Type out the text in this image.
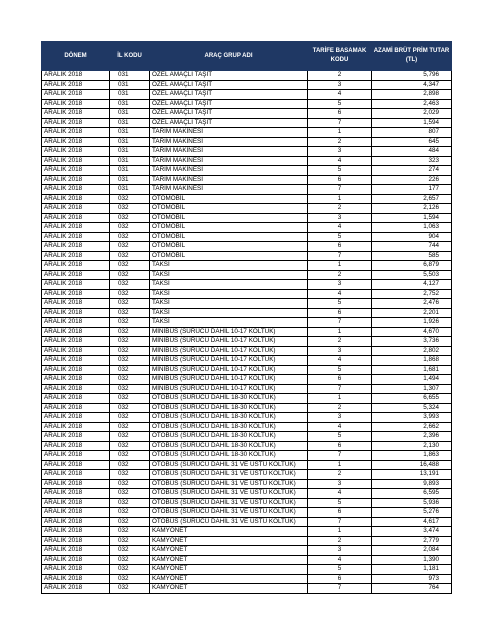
DÖNEM	İL KODU	ARAÇ GRUP ADI	TARİFE BASAMAK KODU	AZAMİ BRÜT PRİM TUTAR (TL)
ARALIK 2018	031	ÖZEL AMAÇLI TAŞIT	2	5,796
ARALIK 2018	031	ÖZEL AMAÇLI TAŞIT	3	4,347
ARALIK 2018	031	ÖZEL AMAÇLI TAŞIT	4	2,898
ARALIK 2018	031	ÖZEL AMAÇLI TAŞIT	5	2,463
ARALIK 2018	031	ÖZEL AMAÇLI TAŞIT	6	2,029
ARALIK 2018	031	ÖZEL AMAÇLI TAŞIT	7	1,594
ARALIK 2018	031	TARIM MAKİNESİ	1	807
ARALIK 2018	031	TARIM MAKİNESİ	2	645
ARALIK 2018	031	TARIM MAKİNESİ	3	484
ARALIK 2018	031	TARIM MAKİNESİ	4	323
ARALIK 2018	031	TARIM MAKİNESİ	5	274
ARALIK 2018	031	TARIM MAKİNESİ	6	226
ARALIK 2018	031	TARIM MAKİNESİ	7	177
ARALIK 2018	032	OTOMOBİL	1	2,657
ARALIK 2018	032	OTOMOBİL	2	2,126
ARALIK 2018	032	OTOMOBİL	3	1,594
ARALIK 2018	032	OTOMOBİL	4	1,063
ARALIK 2018	032	OTOMOBİL	5	904
ARALIK 2018	032	OTOMOBİL	6	744
ARALIK 2018	032	OTOMOBİL	7	585
ARALIK 2018	032	TAKSİ	1	6,879
ARALIK 2018	032	TAKSİ	2	5,503
ARALIK 2018	032	TAKSİ	3	4,127
ARALIK 2018	032	TAKSİ	4	2,752
ARALIK 2018	032	TAKSİ	5	2,476
ARALIK 2018	032	TAKSİ	6	2,201
ARALIK 2018	032	TAKSİ	7	1,926
ARALIK 2018	032	MİNİBÜS (SÜRÜCÜ DAHİL 10-17 KOLTUK)	1	4,670
ARALIK 2018	032	MİNİBÜS (SÜRÜCÜ DAHİL 10-17 KOLTUK)	2	3,736
ARALIK 2018	032	MİNİBÜS (SÜRÜCÜ DAHİL 10-17 KOLTUK)	3	2,802
ARALIK 2018	032	MİNİBÜS (SÜRÜCÜ DAHİL 10-17 KOLTUK)	4	1,868
ARALIK 2018	032	MİNİBÜS (SÜRÜCÜ DAHİL 10-17 KOLTUK)	5	1,681
ARALIK 2018	032	MİNİBÜS (SÜRÜCÜ DAHİL 10-17 KOLTUK)	6	1,494
ARALIK 2018	032	MİNİBÜS (SÜRÜCÜ DAHİL 10-17 KOLTUK)	7	1,307
ARALIK 2018	032	OTOBÜS (SÜRÜCÜ DAHİL 18-30 KOLTUK)	1	6,655
ARALIK 2018	032	OTOBÜS (SÜRÜCÜ DAHİL 18-30 KOLTUK)	2	5,324
ARALIK 2018	032	OTOBÜS (SÜRÜCÜ DAHİL 18-30 KOLTUK)	3	3,993
ARALIK 2018	032	OTOBÜS (SÜRÜCÜ DAHİL 18-30 KOLTUK)	4	2,662
ARALIK 2018	032	OTOBÜS (SÜRÜCÜ DAHİL 18-30 KOLTUK)	5	2,396
ARALIK 2018	032	OTOBÜS (SÜRÜCÜ DAHİL 18-30 KOLTUK)	6	2,130
ARALIK 2018	032	OTOBÜS (SÜRÜCÜ DAHİL 18-30 KOLTUK)	7	1,863
ARALIK 2018	032	OTOBÜS (SÜRÜCÜ DAHİL 31 VE ÜSTÜ KOLTUK)	1	16,488
ARALIK 2018	032	OTOBÜS (SÜRÜCÜ DAHİL 31 VE ÜSTÜ KOLTUK)	2	13,191
ARALIK 2018	032	OTOBÜS (SÜRÜCÜ DAHİL 31 VE ÜSTÜ KOLTUK)	3	9,893
ARALIK 2018	032	OTOBÜS (SÜRÜCÜ DAHİL 31 VE ÜSTÜ KOLTUK)	4	6,595
ARALIK 2018	032	OTOBÜS (SÜRÜCÜ DAHİL 31 VE ÜSTÜ KOLTUK)	5	5,936
ARALIK 2018	032	OTOBÜS (SÜRÜCÜ DAHİL 31 VE ÜSTÜ KOLTUK)	6	5,276
ARALIK 2018	032	OTOBÜS (SÜRÜCÜ DAHİL 31 VE ÜSTÜ KOLTUK)	7	4,617
ARALIK 2018	032	KAMYONET	1	3,474
ARALIK 2018	032	KAMYONET	2	2,779
ARALIK 2018	032	KAMYONET	3	2,084
ARALIK 2018	032	KAMYONET	4	1,390
ARALIK 2018	032	KAMYONET	5	1,181
ARALIK 2018	032	KAMYONET	6	973
ARALIK 2018	032	KAMYONET	7	764
